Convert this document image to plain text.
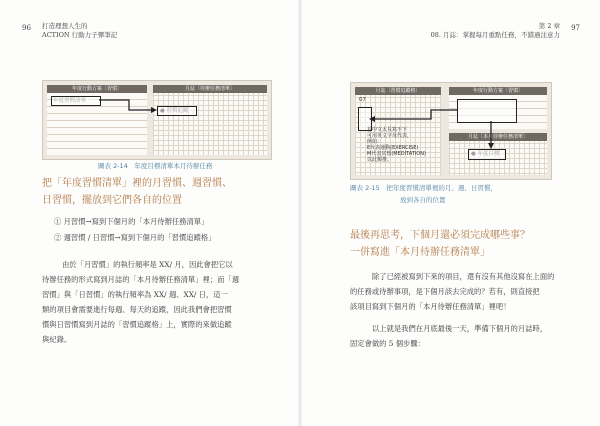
96 打造理想人生的
ACTION 行動力子彈筆記
年度行動方案〔習慣〕	月誌〔待辦任務清單〕
圖表 2-14　年度目標清單本月待辦任務
把「年度習慣清單」裡的月習慣、週習慣、
日習慣，擺放到它們各自的位置
① 月習慣→寫到下個月的「本月待辦任務清單」
② 週習慣 / 日習慣→寫到下個月的「習慣追蹤格」
由於「月習慣」的執行頻率是 XX/ 月，因此會把它以
待辦任務的形式寫到月誌的「本月待辦任務清單」裡；而「週
習慣」與「日習慣」的執行頻率為 XX/ 週、XX/ 日，這一
類的項目會需要進行每週、每天的追蹤，因此我們會把習慣
慣與日習慣寫到月誌的「習慣追蹤格」上，實際的來做追蹤
與紀錄。
第 2 章
08. 月誌：掌握每月重點任務，不錯過注意力
97
月誌〔習慣追蹤格〕
07
若中文太長寫不下
可用英文字母代表，
例如：
E代表運動(EXERCISE)
M代表冥想(MEDITATION)
以此類推。
年度行動方案〔習慣〕
月誌〔本月待辦任務清單〕
圖表 2-15　把年度習慣清單裡的月、週、日習慣，
放到各自的位置
最後再思考，下個月還必須完成哪些事？
一併寫進「本月待辦任務清單」
除了已經被寫到下來的項目，還有沒有其他沒寫在上面的
的任務或待辦事項，是下個月該去完成的？若有，則直接把
該項目寫到下個月的「本月待辦任務清單」裡吧！
以上就是我們在月底最後一天，準備下個月的月誌時，
固定會做的 5 個步驟：
